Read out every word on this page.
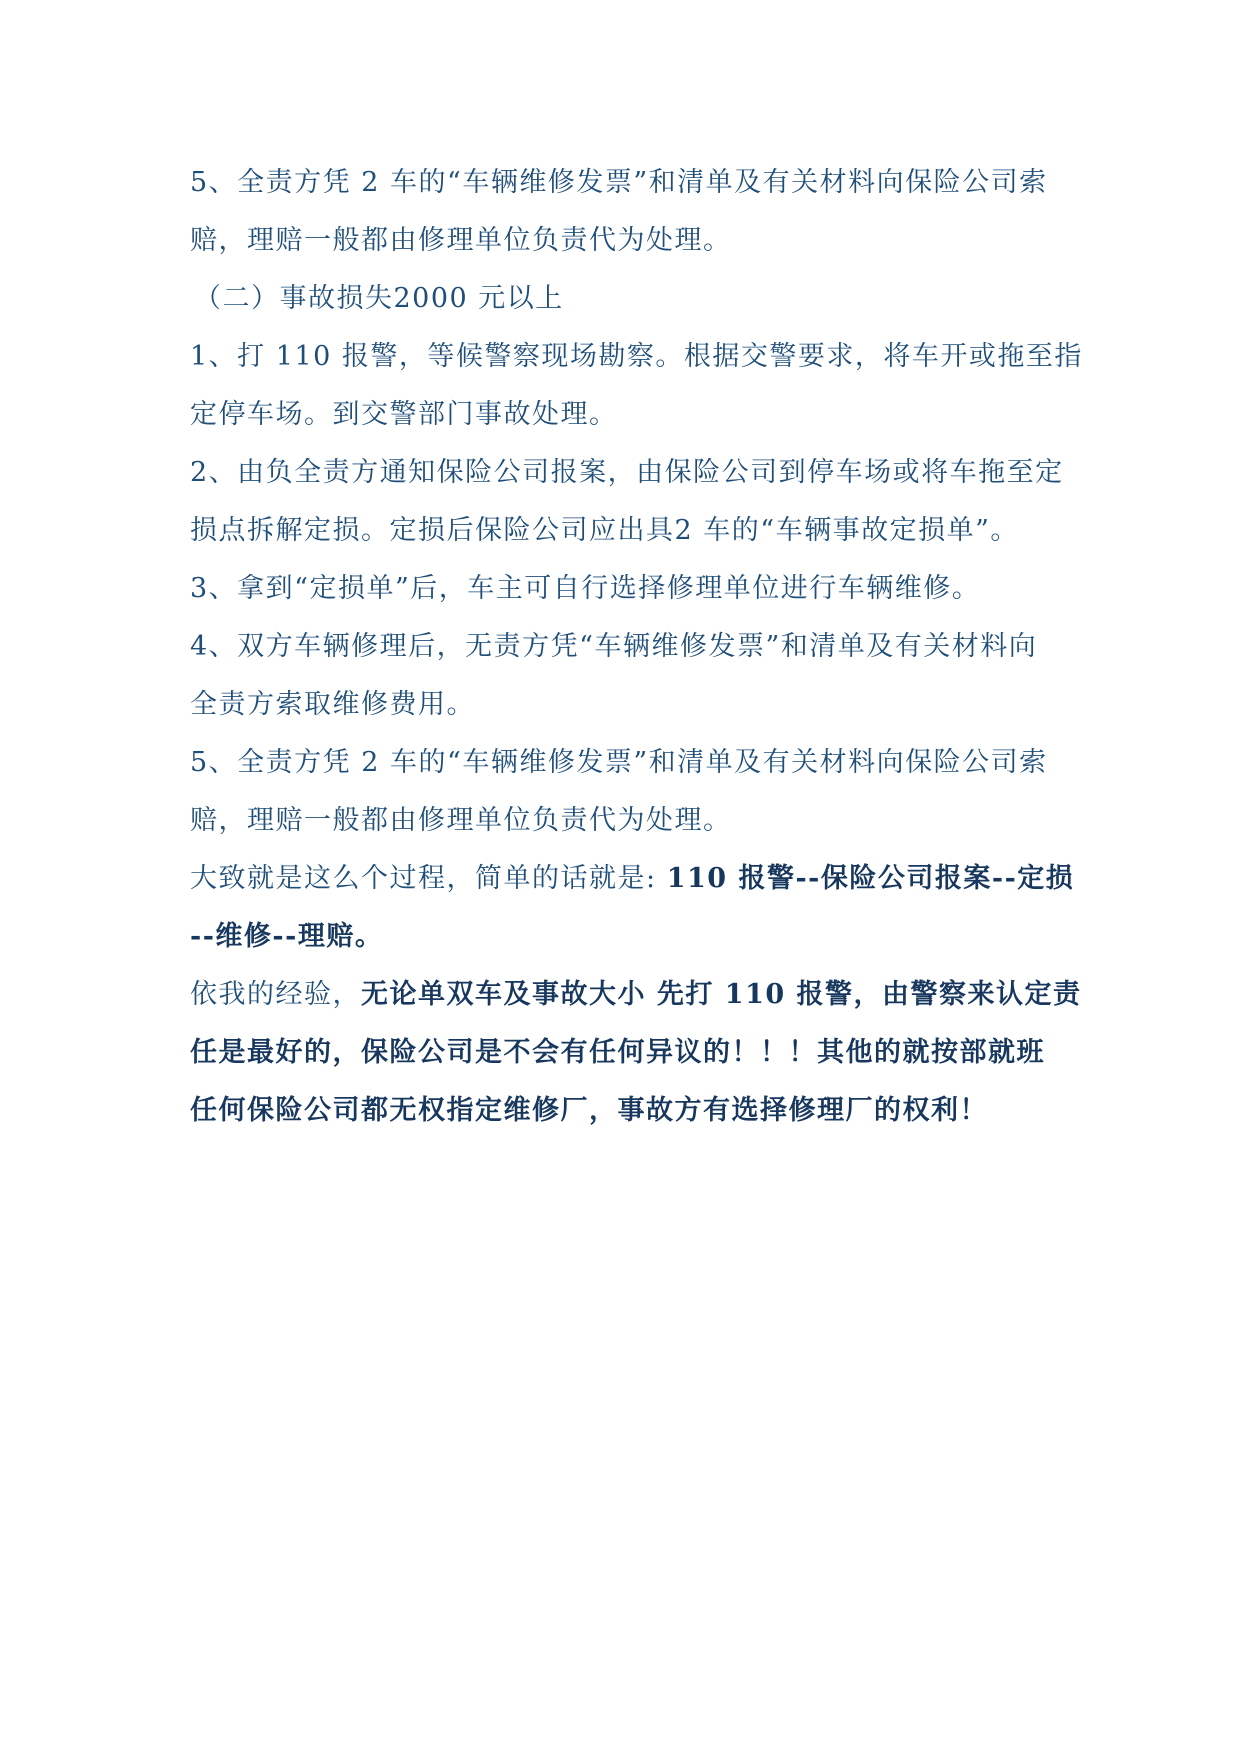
5、全责方凭 2 车的“车辆维修发票”和清单及有关材料向保险公司索
赔，理赔一般都由修理单位负责代为处理。
（二）事故损失2000 元以上
1、打 110 报警，等候警察现场勘察。根据交警要求，将车开或拖至指
定停车场。到交警部门事故处理。
2、由负全责方通知保险公司报案，由保险公司到停车场或将车拖至定
损点拆解定损。定损后保险公司应出具2 车的“车辆事故定损单”。
3、拿到“定损单”后，车主可自行选择修理单位进行车辆维修。
4、双方车辆修理后，无责方凭“车辆维修发票”和清单及有关材料向
全责方索取维修费用。
5、全责方凭 2 车的“车辆维修发票”和清单及有关材料向保险公司索
赔，理赔一般都由修理单位负责代为处理。
大致就是这么个过程，简单的话就是: 110 报警--保险公司报案--定损
--维修--理赔。
依我的经验，无论单双车及事故大小 先打 110 报警，由警察来认定责
任是最好的，保险公司是不会有任何异议的！！！其他的就按部就班
任何保险公司都无权指定维修厂，事故方有选择修理厂的权利！
